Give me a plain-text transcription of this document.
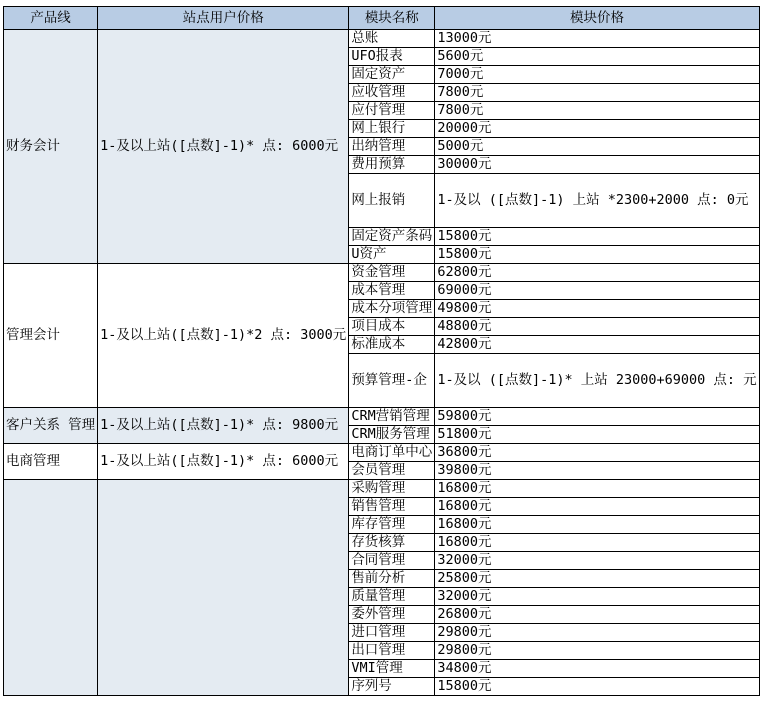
产品线	站点用户价格	模块名称	模块价格
财务会计	1-及以上站([点数]-1)* 点: 6000元	总账	13000元
		UFO报表	5600元
		固定资产	7000元
		应收管理	7800元
		应付管理	7800元
		网上银行	20000元
		出纳管理	5000元
		费用预算	30000元
		网上报销	1-及以 ([点数]-1) 上站 *2300+2000 点: 0元
		固定资产条码	15800元
		U资产	15800元
管理会计	1-及以上站([点数]-1)*2 点: 3000元	资金管理	62800元
		成本管理	69000元
		成本分项管理	49800元
		项目成本	48800元
		标准成本	42800元
		预算管理-企	1-及以 ([点数]-1)* 上站 23000+69000 点: 元
客户关系 管理	1-及以上站([点数]-1)* 点: 9800元	CRM营销管理	59800元
		CRM服务管理	51800元
电商管理	1-及以上站([点数]-1)* 点: 6000元	电商订单中心	36800元
		会员管理	39800元
		采购管理	16800元
		销售管理	16800元
		库存管理	16800元
		存货核算	16800元
		合同管理	32000元
		售前分析	25800元
		质量管理	32000元
		委外管理	26800元
		进口管理	29800元
		出口管理	29800元
		VMI管理	34800元
		序列号	15800元
